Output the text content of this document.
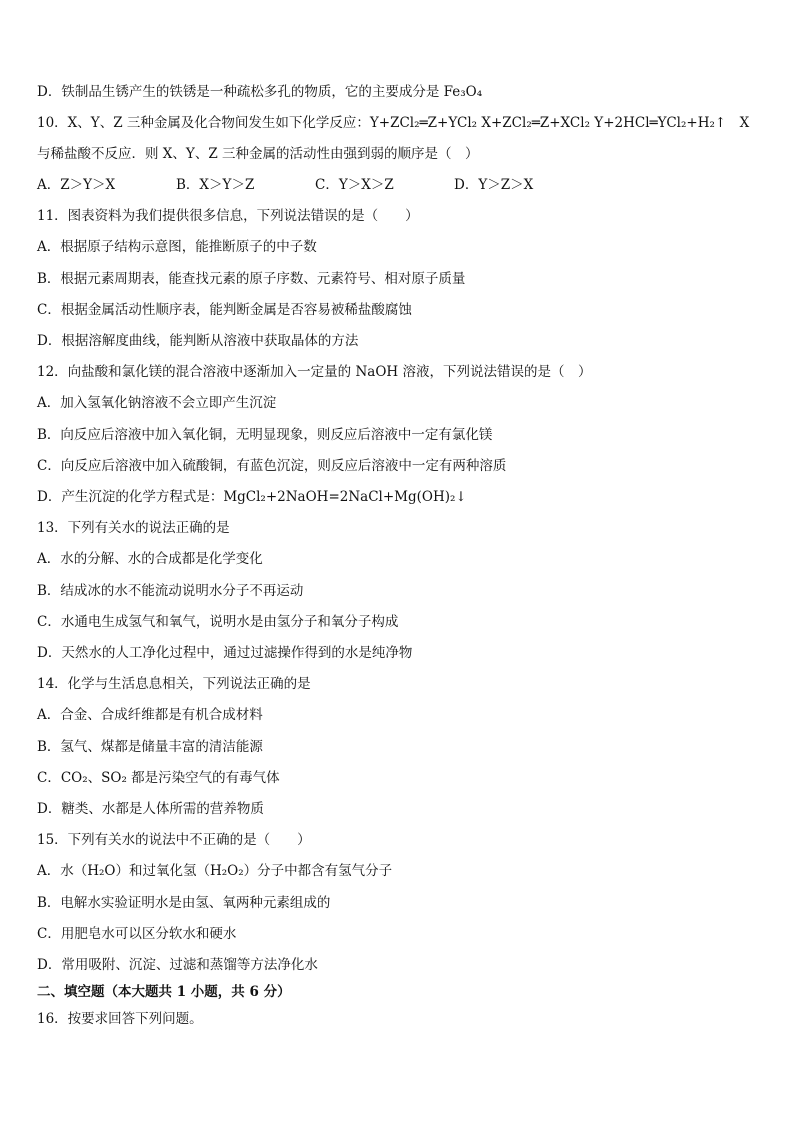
D．铁制品生锈产生的铁锈是一种疏松多孔的物质，它的主要成分是 Fe₃O₄
10．X、Y、Z 三种金属及化合物间发生如下化学反应：Y+ZCl₂═Z+YCl₂ X+ZCl₂═Z+XCl₂ Y+2HCl═YCl₂+H₂↑　X
与稀盐酸不反应．则 X、Y、Z 三种金属的活动性由强到弱的顺序是（　）
A．Z＞Y＞X	B．X＞Y＞Z	C．Y＞X＞Z	D．Y＞Z＞X
11．图表资料为我们提供很多信息，下列说法错误的是（　　）
A．根据原子结构示意图，能推断原子的中子数
B．根据元素周期表，能查找元素的原子序数、元素符号、相对原子质量
C．根据金属活动性顺序表，能判断金属是否容易被稀盐酸腐蚀
D．根据溶解度曲线，能判断从溶液中获取晶体的方法
12．向盐酸和氯化镁的混合溶液中逐渐加入一定量的 NaOH 溶液，下列说法错误的是（　）
A．加入氢氧化钠溶液不会立即产生沉淀
B．向反应后溶液中加入氧化铜，无明显现象，则反应后溶液中一定有氯化镁
C．向反应后溶液中加入硫酸铜，有蓝色沉淀，则反应后溶液中一定有两种溶质
D．产生沉淀的化学方程式是：MgCl₂+2NaOH=2NaCl+Mg(OH)₂↓
13．下列有关水的说法正确的是
A．水的分解、水的合成都是化学变化
B．结成冰的水不能流动说明水分子不再运动
C．水通电生成氢气和氧气，说明水是由氢分子和氧分子构成
D．天然水的人工净化过程中，通过过滤操作得到的水是纯净物
14．化学与生活息息相关，下列说法正确的是
A．合金、合成纤维都是有机合成材料
B．氢气、煤都是储量丰富的清洁能源
C．CO₂、SO₂ 都是污染空气的有毒气体
D．糖类、水都是人体所需的营养物质
15．下列有关水的说法中不正确的是（　　）
A．水（H₂O）和过氧化氢（H₂O₂）分子中都含有氢气分子
B．电解水实验证明水是由氢、氧两种元素组成的
C．用肥皂水可以区分软水和硬水
D．常用吸附、沉淀、过滤和蒸馏等方法净化水
二、填空题（本大题共 1 小题，共 6 分）
16．按要求回答下列问题。
